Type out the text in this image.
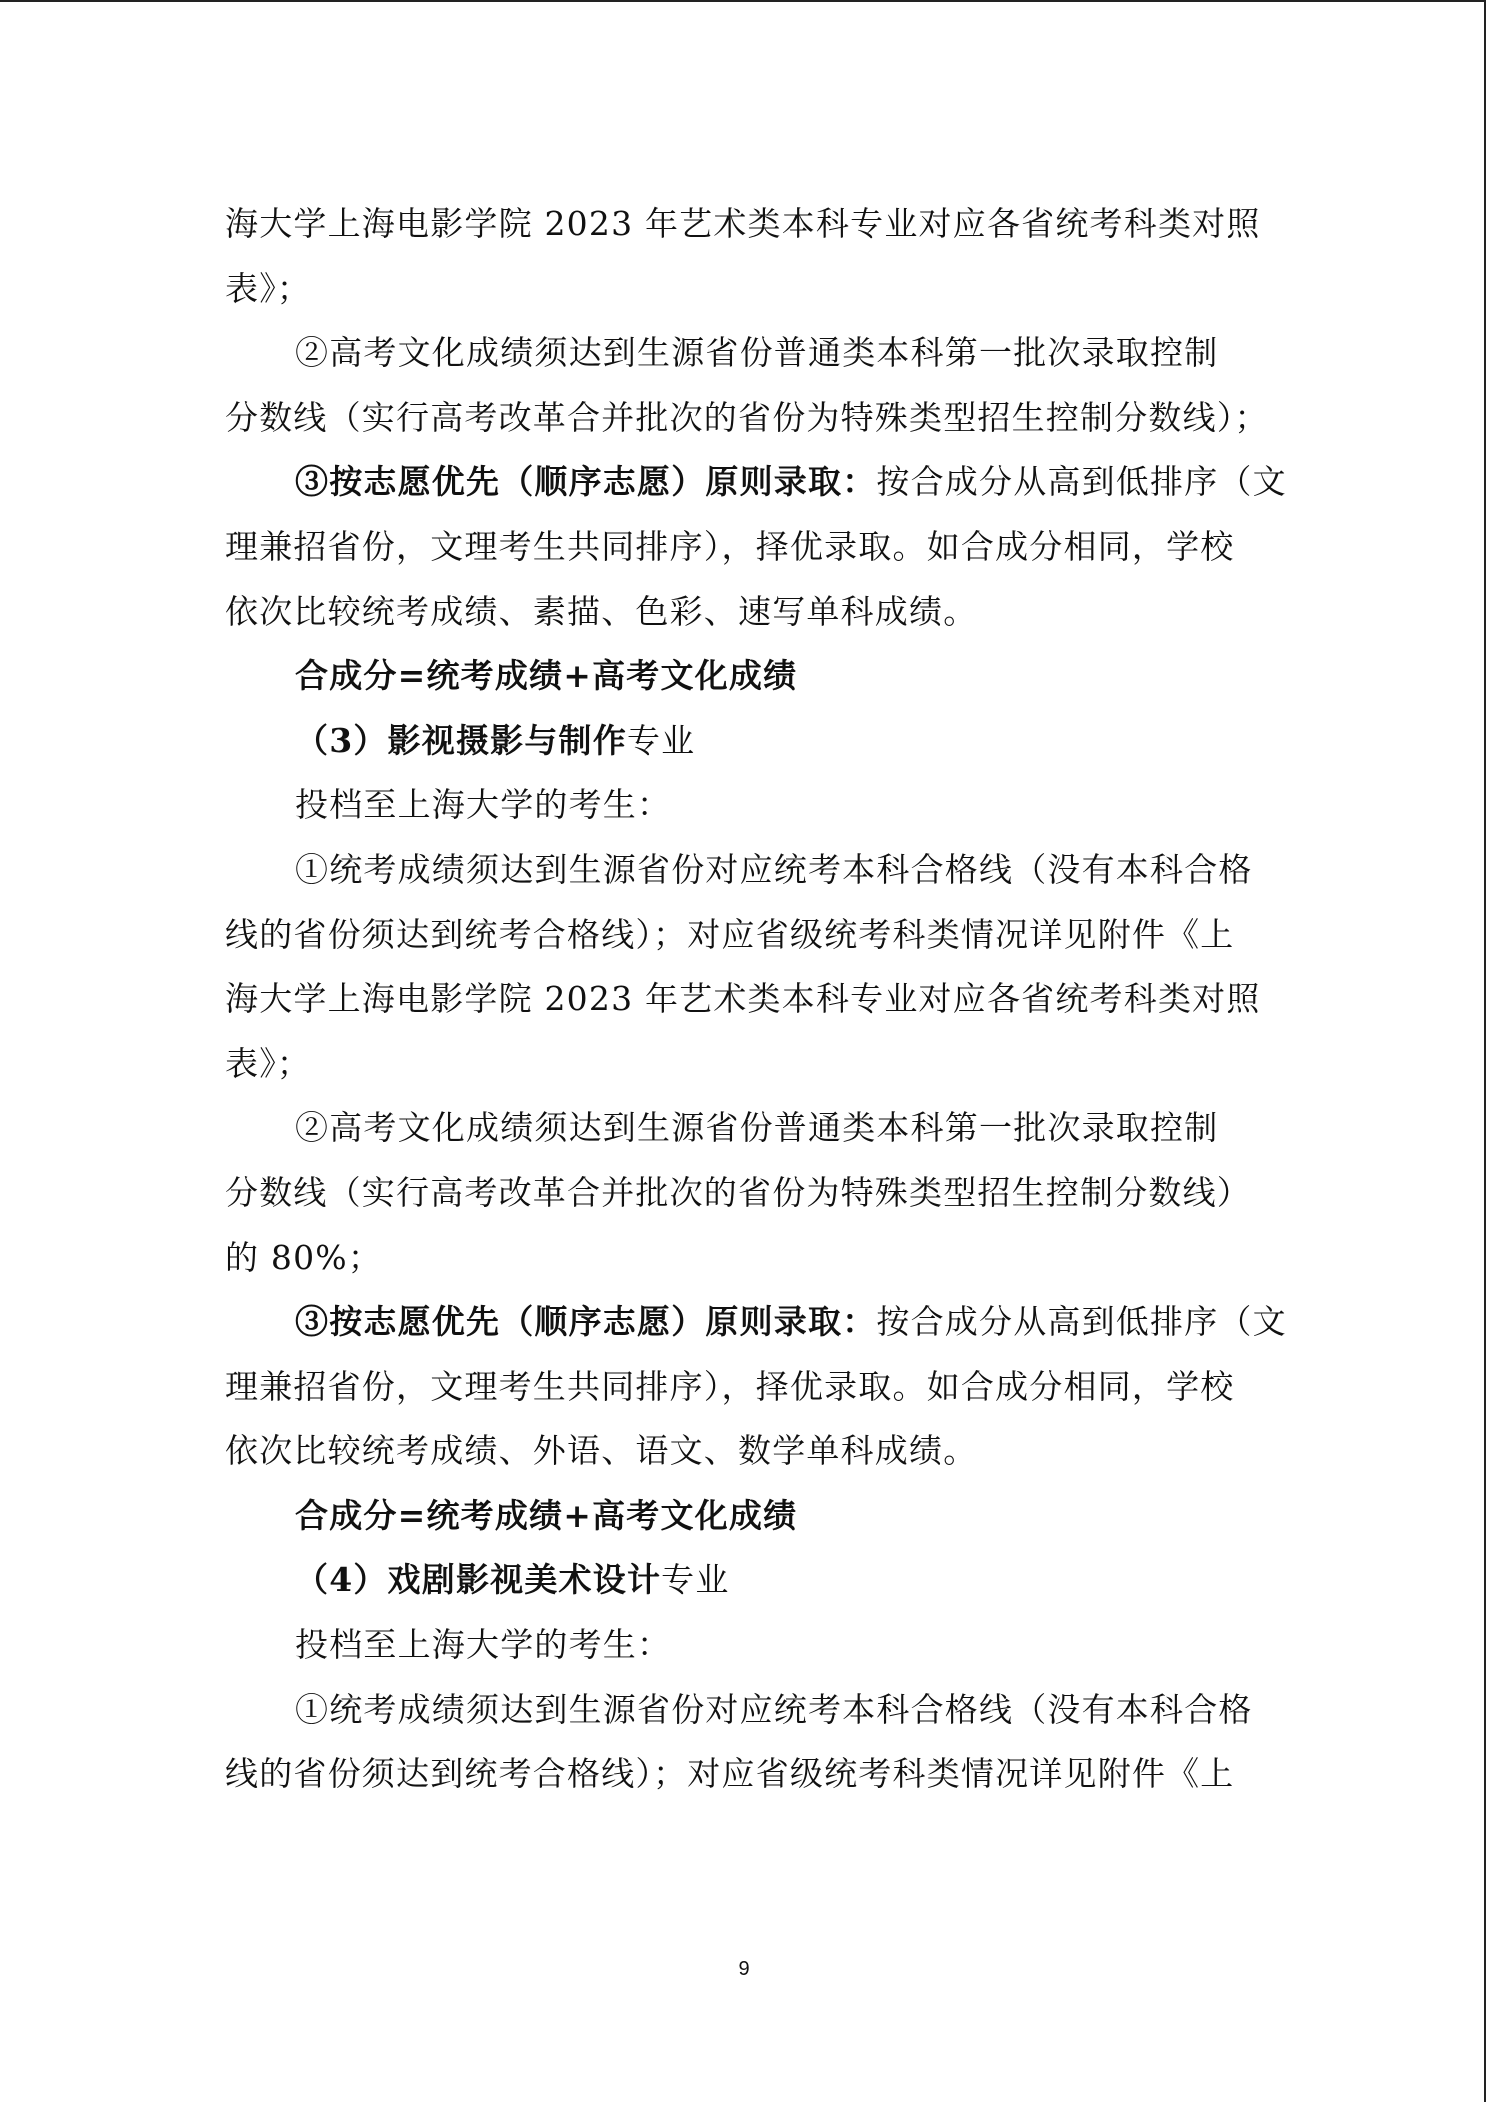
海大学上海电影学院 2023 年艺术类本科专业对应各省统考科类对照
表》；
②高考文化成绩须达到生源省份普通类本科第一批次录取控制
分数线（实行高考改革合并批次的省份为特殊类型招生控制分数线）；
③按志愿优先（顺序志愿）原则录取：按合成分从高到低排序（文
理兼招省份，文理考生共同排序），择优录取。如合成分相同，学校
依次比较统考成绩、素描、色彩、速写单科成绩。
合成分=统考成绩+高考文化成绩
（3）影视摄影与制作专业
投档至上海大学的考生：
①统考成绩须达到生源省份对应统考本科合格线（没有本科合格
线的省份须达到统考合格线）；对应省级统考科类情况详见附件《上
海大学上海电影学院 2023 年艺术类本科专业对应各省统考科类对照
表》；
②高考文化成绩须达到生源省份普通类本科第一批次录取控制
分数线（实行高考改革合并批次的省份为特殊类型招生控制分数线）
的 80%；
③按志愿优先（顺序志愿）原则录取：按合成分从高到低排序（文
理兼招省份，文理考生共同排序），择优录取。如合成分相同，学校
依次比较统考成绩、外语、语文、数学单科成绩。
合成分=统考成绩+高考文化成绩
（4）戏剧影视美术设计专业
投档至上海大学的考生：
①统考成绩须达到生源省份对应统考本科合格线（没有本科合格
线的省份须达到统考合格线）；对应省级统考科类情况详见附件《上
9
